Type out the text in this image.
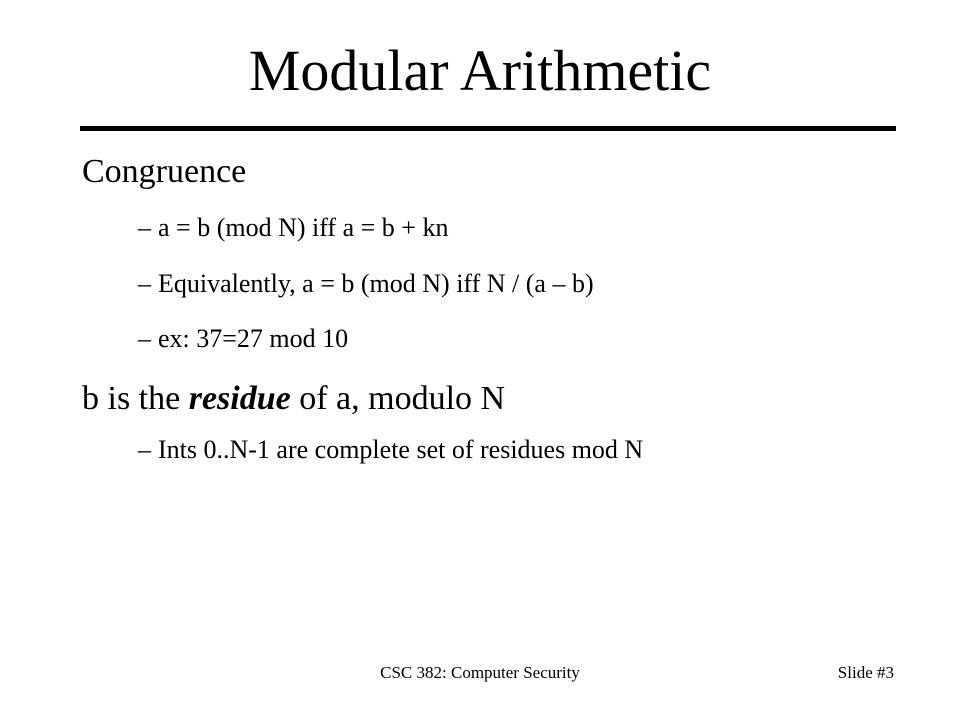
Modular Arithmetic
Congruence
– a = b (mod N) iff a = b + kn
– Equivalently, a = b (mod N) iff N / (a – b)
– ex: 37=27 mod 10
b is the residue of a, modulo N
– Ints 0..N-1 are complete set of residues mod N
CSC 382: Computer Security	Slide #3
